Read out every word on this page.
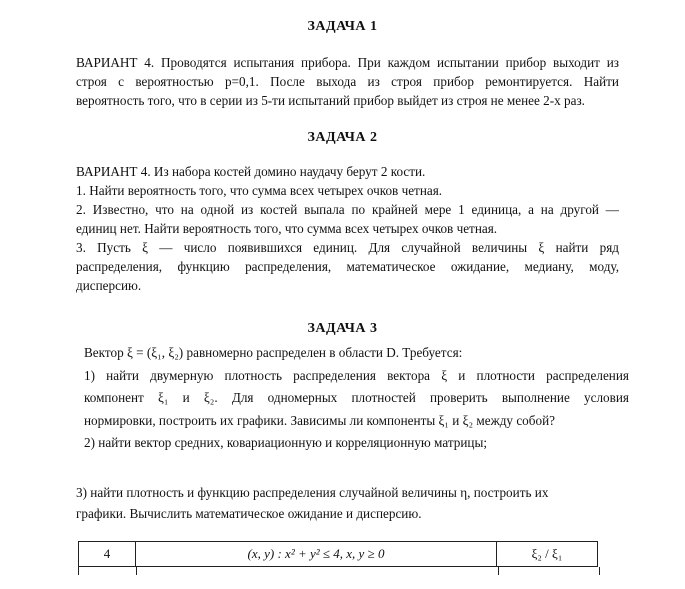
ЗАДАЧА 1
ВАРИАНТ 4. Проводятся испытания прибора. При каждом испытании прибор выходит из
строя с вероятностью p=0,1. После выхода из строя прибор ремонтируется. Найти
вероятность того, что в серии из 5-ти испытаний прибор выйдет из строя не менее 2-х раз.
ЗАДАЧА 2
ВАРИАНТ 4. Из набора костей домино наудачу берут 2 кости.
1. Найти вероятность того, что сумма всех четырех очков четная.
2. Известно, что на одной из костей выпала по крайней мере 1 единица, а на другой —
единиц нет. Найти вероятность того, что сумма всех четырех очков четная.
3. Пусть ξ — число появившихся единиц. Для случайной величины ξ найти ряд
распределения, функцию распределения, математическое ожидание, медиану, моду,
дисперсию.
ЗАДАЧА 3
Вектор ξ = (ξ₁, ξ₂) равномерно распределен в области D. Требуется:
1) найти двумерную плотность распределения вектора ξ и плотности распределения
компонент ξ₁ и ξ₂. Для одномерных плотностей проверить выполнение условия
нормировки, построить их графики. Зависимы ли компоненты ξ₁ и ξ₂ между собой?
2) найти вектор средних, ковариационную и корреляционную матрицы;
3) найти плотность и функцию распределения случайной величины η, построить их
графики. Вычислить математическое ожидание и дисперсию.
4	(x, y) : x² + y² ≤ 4, x, y ≥ 0	ξ₂ / ξ₁
